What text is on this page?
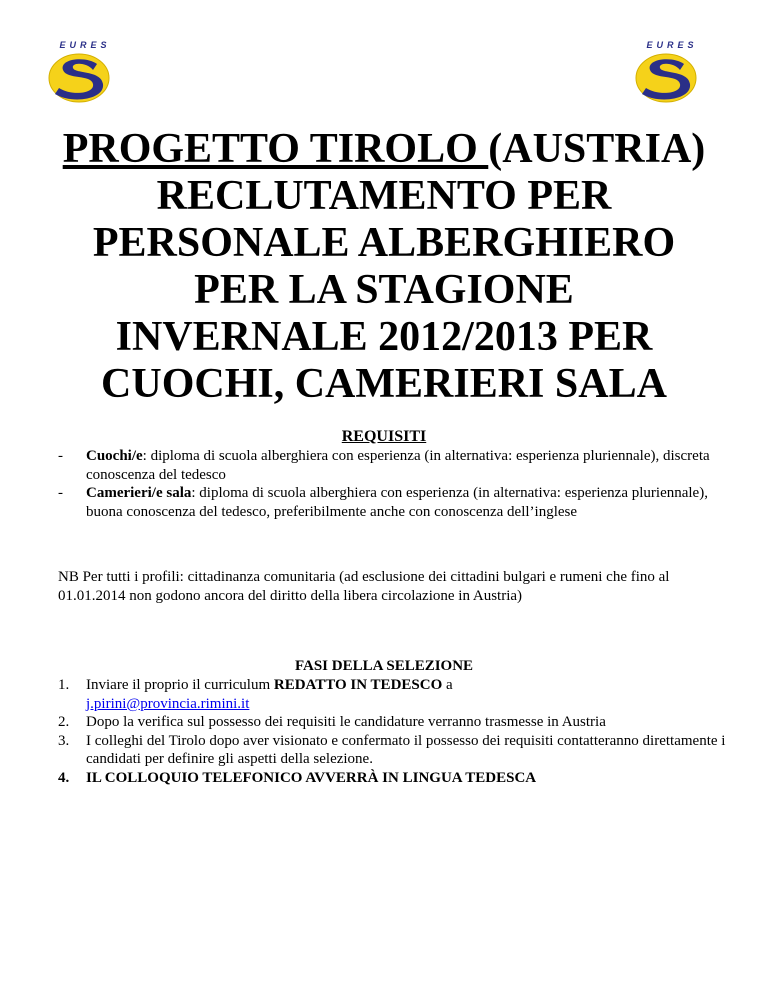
EURES	EURES
PROGETTO TIROLO (AUSTRIA)
RECLUTAMENTO PER
PERSONALE ALBERGHIERO
PER LA STAGIONE
INVERNALE 2012/2013 PER
CUOCHI, CAMERIERI SALA
REQUISITI
- Cuochi/e: diploma di scuola alberghiera con esperienza (in alternativa: esperienza pluriennale), discreta conoscenza del tedesco
- Camerieri/e sala: diploma di scuola alberghiera con esperienza (in alternativa: esperienza pluriennale), buona conoscenza del tedesco, preferibilmente anche con conoscenza dell’inglese
NB Per tutti i profili: cittadinanza comunitaria (ad esclusione dei cittadini bulgari e rumeni che fino al 01.01.2014 non godono ancora del diritto della libera circolazione in Austria)
FASI DELLA SELEZIONE
1. Inviare il proprio il curriculum REDATTO IN TEDESCO a
j.pirini@provincia.rimini.it
2. Dopo la verifica sul possesso dei requisiti le candidature verranno trasmesse in Austria
3. I colleghi del Tirolo dopo aver visionato e confermato il possesso dei requisiti contatteranno direttamente i candidati per definire gli aspetti della selezione.
4. IL COLLOQUIO TELEFONICO AVVERRÀ IN LINGUA TEDESCA
